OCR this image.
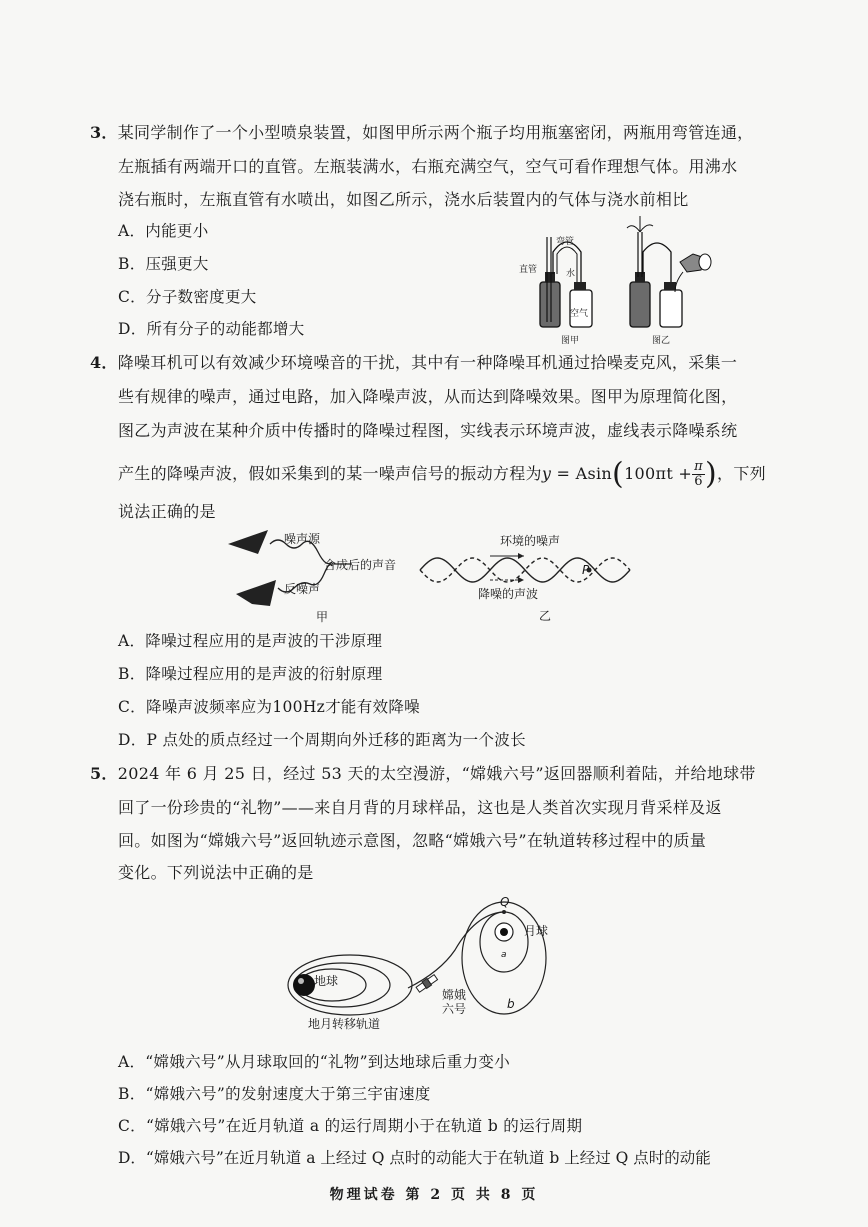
3．某同学制作了一个小型喷泉装置，如图甲所示两个瓶子均用瓶塞密闭，两瓶用弯管连通，
左瓶插有两端开口的直管。左瓶装满水，右瓶充满空气，空气可看作理想气体。用沸水
浇右瓶时，左瓶直管有水喷出，如图乙所示，浇水后装置内的气体与浇水前相比
A．内能更小
B．压强更大
C．分子数密度更大
D．所有分子的动能都增大
弯管
直管	水
空气
图甲	图乙
4．降噪耳机可以有效减少环境噪音的干扰，其中有一种降噪耳机通过拾噪麦克风，采集一
些有规律的噪声，通过电路，加入降噪声波，从而达到降噪效果。图甲为原理简化图，
图乙为声波在某种介质中传播时的降噪过程图，实线表示环境声波，虚线表示降噪系统
产生的降噪声波，假如采集到的某一噪声信号的振动方程为$y = Asin(100\pi t + \frac{\pi}{6}$ )，下列
说法正确的是
噪声源
合成后的声音
反噪声
甲
环境的噪声
降噪的声波
P
乙
A．降噪过程应用的是声波的干涉原理
B．降噪过程应用的是声波的衍射原理
C．降噪声波频率应为100Hz才能有效降噪
D．P 点处的质点经过一个周期向外迁移的距离为一个波长
5．2024 年 6 月 25 日，经过 53 天的太空漫游，“嫦娥六号”返回器顺利着陆，并给地球带
回了一份珍贵的“礼物”——来自月背的月球样品，这也是人类首次实现月背采样及返
回。如图为“嫦娥六号”返回轨迹示意图，忽略“嫦娥六号”在轨道转移过程中的质量
变化。下列说法中正确的是
地球
月球
地月转移轨道
嫦娥
六号
Q
a
b
A．“嫦娥六号”从月球取回的“礼物”到达地球后重力变小
B．“嫦娥六号”的发射速度大于第三宇宙速度
C．“嫦娥六号”在近月轨道 a 的运行周期小于在轨道 b 的运行周期
D．“嫦娥六号”在近月轨道 a 上经过 Q 点时的动能大于在轨道 b 上经过 Q 点时的动能
物理试卷 第 2 页 共 8 页
